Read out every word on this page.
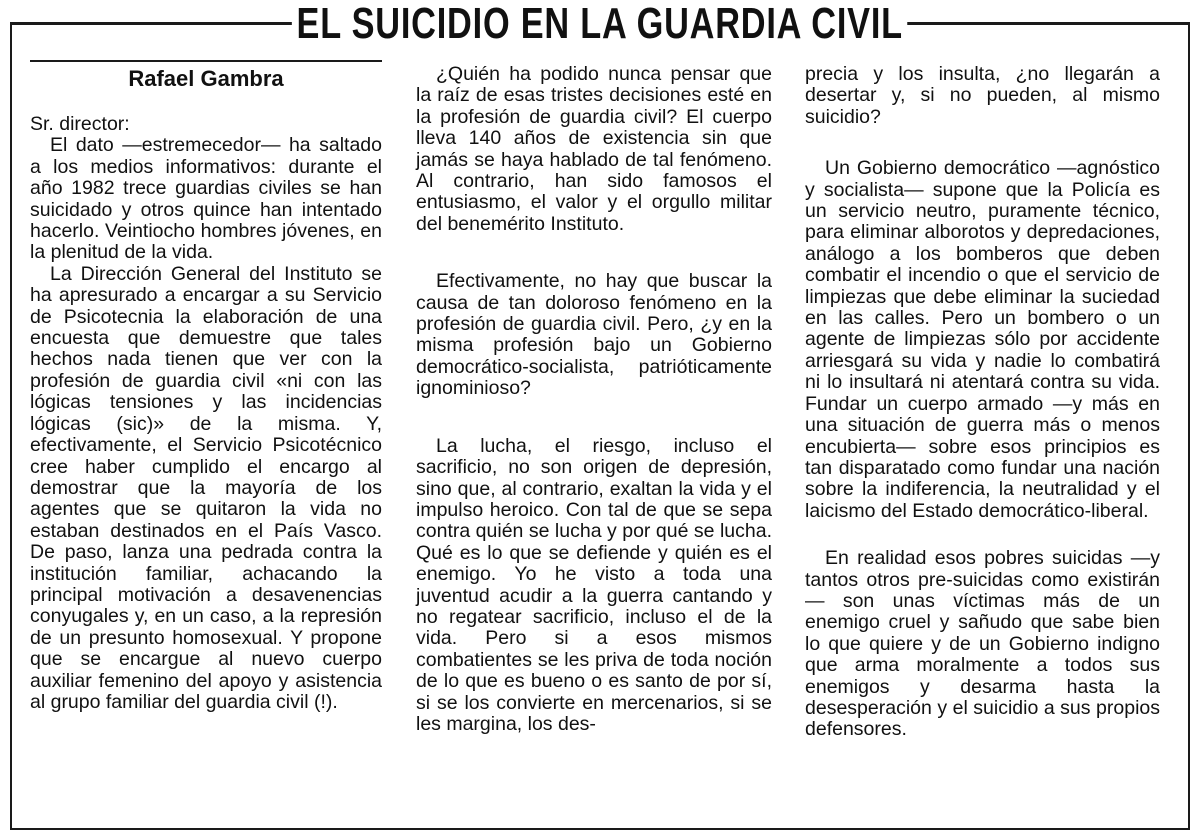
EL SUICIDIO EN LA GUARDIA CIVIL
Rafael Gambra

Sr. director:

El dato —estremecedor— ha saltado a los medios informativos: durante el año 1982 trece guardias civiles se han suicidado y otros quince han intentado hacerlo. Veintiocho hombres jóvenes, en la plenitud de la vida.

La Dirección General del Instituto se ha apresurado a encargar a su Servicio de Psicotecnia la elaboración de una encuesta que demuestre que tales hechos nada tienen que ver con la profesión de guardia civil «ni con las lógicas tensiones y las incidencias lógicas (sic)» de la misma. Y, efectivamente, el Servicio Psicotécnico cree haber cumplido el encargo al demostrar que la mayoría de los agentes que se quitaron la vida no estaban destinados en el País Vasco. De paso, lanza una pedrada contra la institución familiar, achacando la principal motivación a desavenencias conyugales y, en un caso, a la represión de un presunto homosexual. Y propone que se encargue al nuevo cuerpo auxiliar femenino del apoyo y asistencia al grupo familiar del guardia civil (!).

¿Quién ha podido nunca pensar que la raíz de esas tristes decisiones esté en la profesión de guardia civil? El cuerpo lleva 140 años de existencia sin que jamás se haya hablado de tal fenómeno. Al contrario, han sido famosos el entusiasmo, el valor y el orgullo militar del benemérito Instituto.

Efectivamente, no hay que buscar la causa de tan doloroso fenómeno en la profesión de guardia civil. Pero, ¿y en la misma profesión bajo un Gobierno democrático-socialista, patrióticamente ignominioso?

La lucha, el riesgo, incluso el sacrificio, no son origen de depresión, sino que, al contrario, exaltan la vida y el impulso heroico. Con tal de que se sepa contra quién se lucha y por qué se lucha. Qué es lo que se defiende y quién es el enemigo. Yo he visto a toda una juventud acudir a la guerra cantando y no regatear sacrificio, incluso el de la vida. Pero si a esos mismos combatientes se les priva de toda noción de lo que es bueno o es santo de por sí, si se los convierte en mercenarios, si se les margina, los des-

precia y los insulta, ¿no llegarán a desertar y, si no pueden, al mismo suicidio?

Un Gobierno democrático —agnóstico y socialista— supone que la Policía es un servicio neutro, puramente técnico, para eliminar alborotos y depredaciones, análogo a los bomberos que deben combatir el incendio o que el servicio de limpiezas que debe eliminar la suciedad en las calles. Pero un bombero o un agente de limpiezas sólo por accidente arriesgará su vida y nadie lo combatirá ni lo insultará ni atentará contra su vida. Fundar un cuerpo armado —y más en una situación de guerra más o menos encubierta— sobre esos principios es tan disparatado como fundar una nación sobre la indiferencia, la neutralidad y el laicismo del Estado democrático-liberal.

En realidad esos pobres suicidas —y tantos otros pre-suicidas como existirán— son unas víctimas más de un enemigo cruel y sañudo que sabe bien lo que quiere y de un Gobierno indigno que arma moralmente a todos sus enemigos y desarma hasta la desesperación y el suicidio a sus propios defensores.
